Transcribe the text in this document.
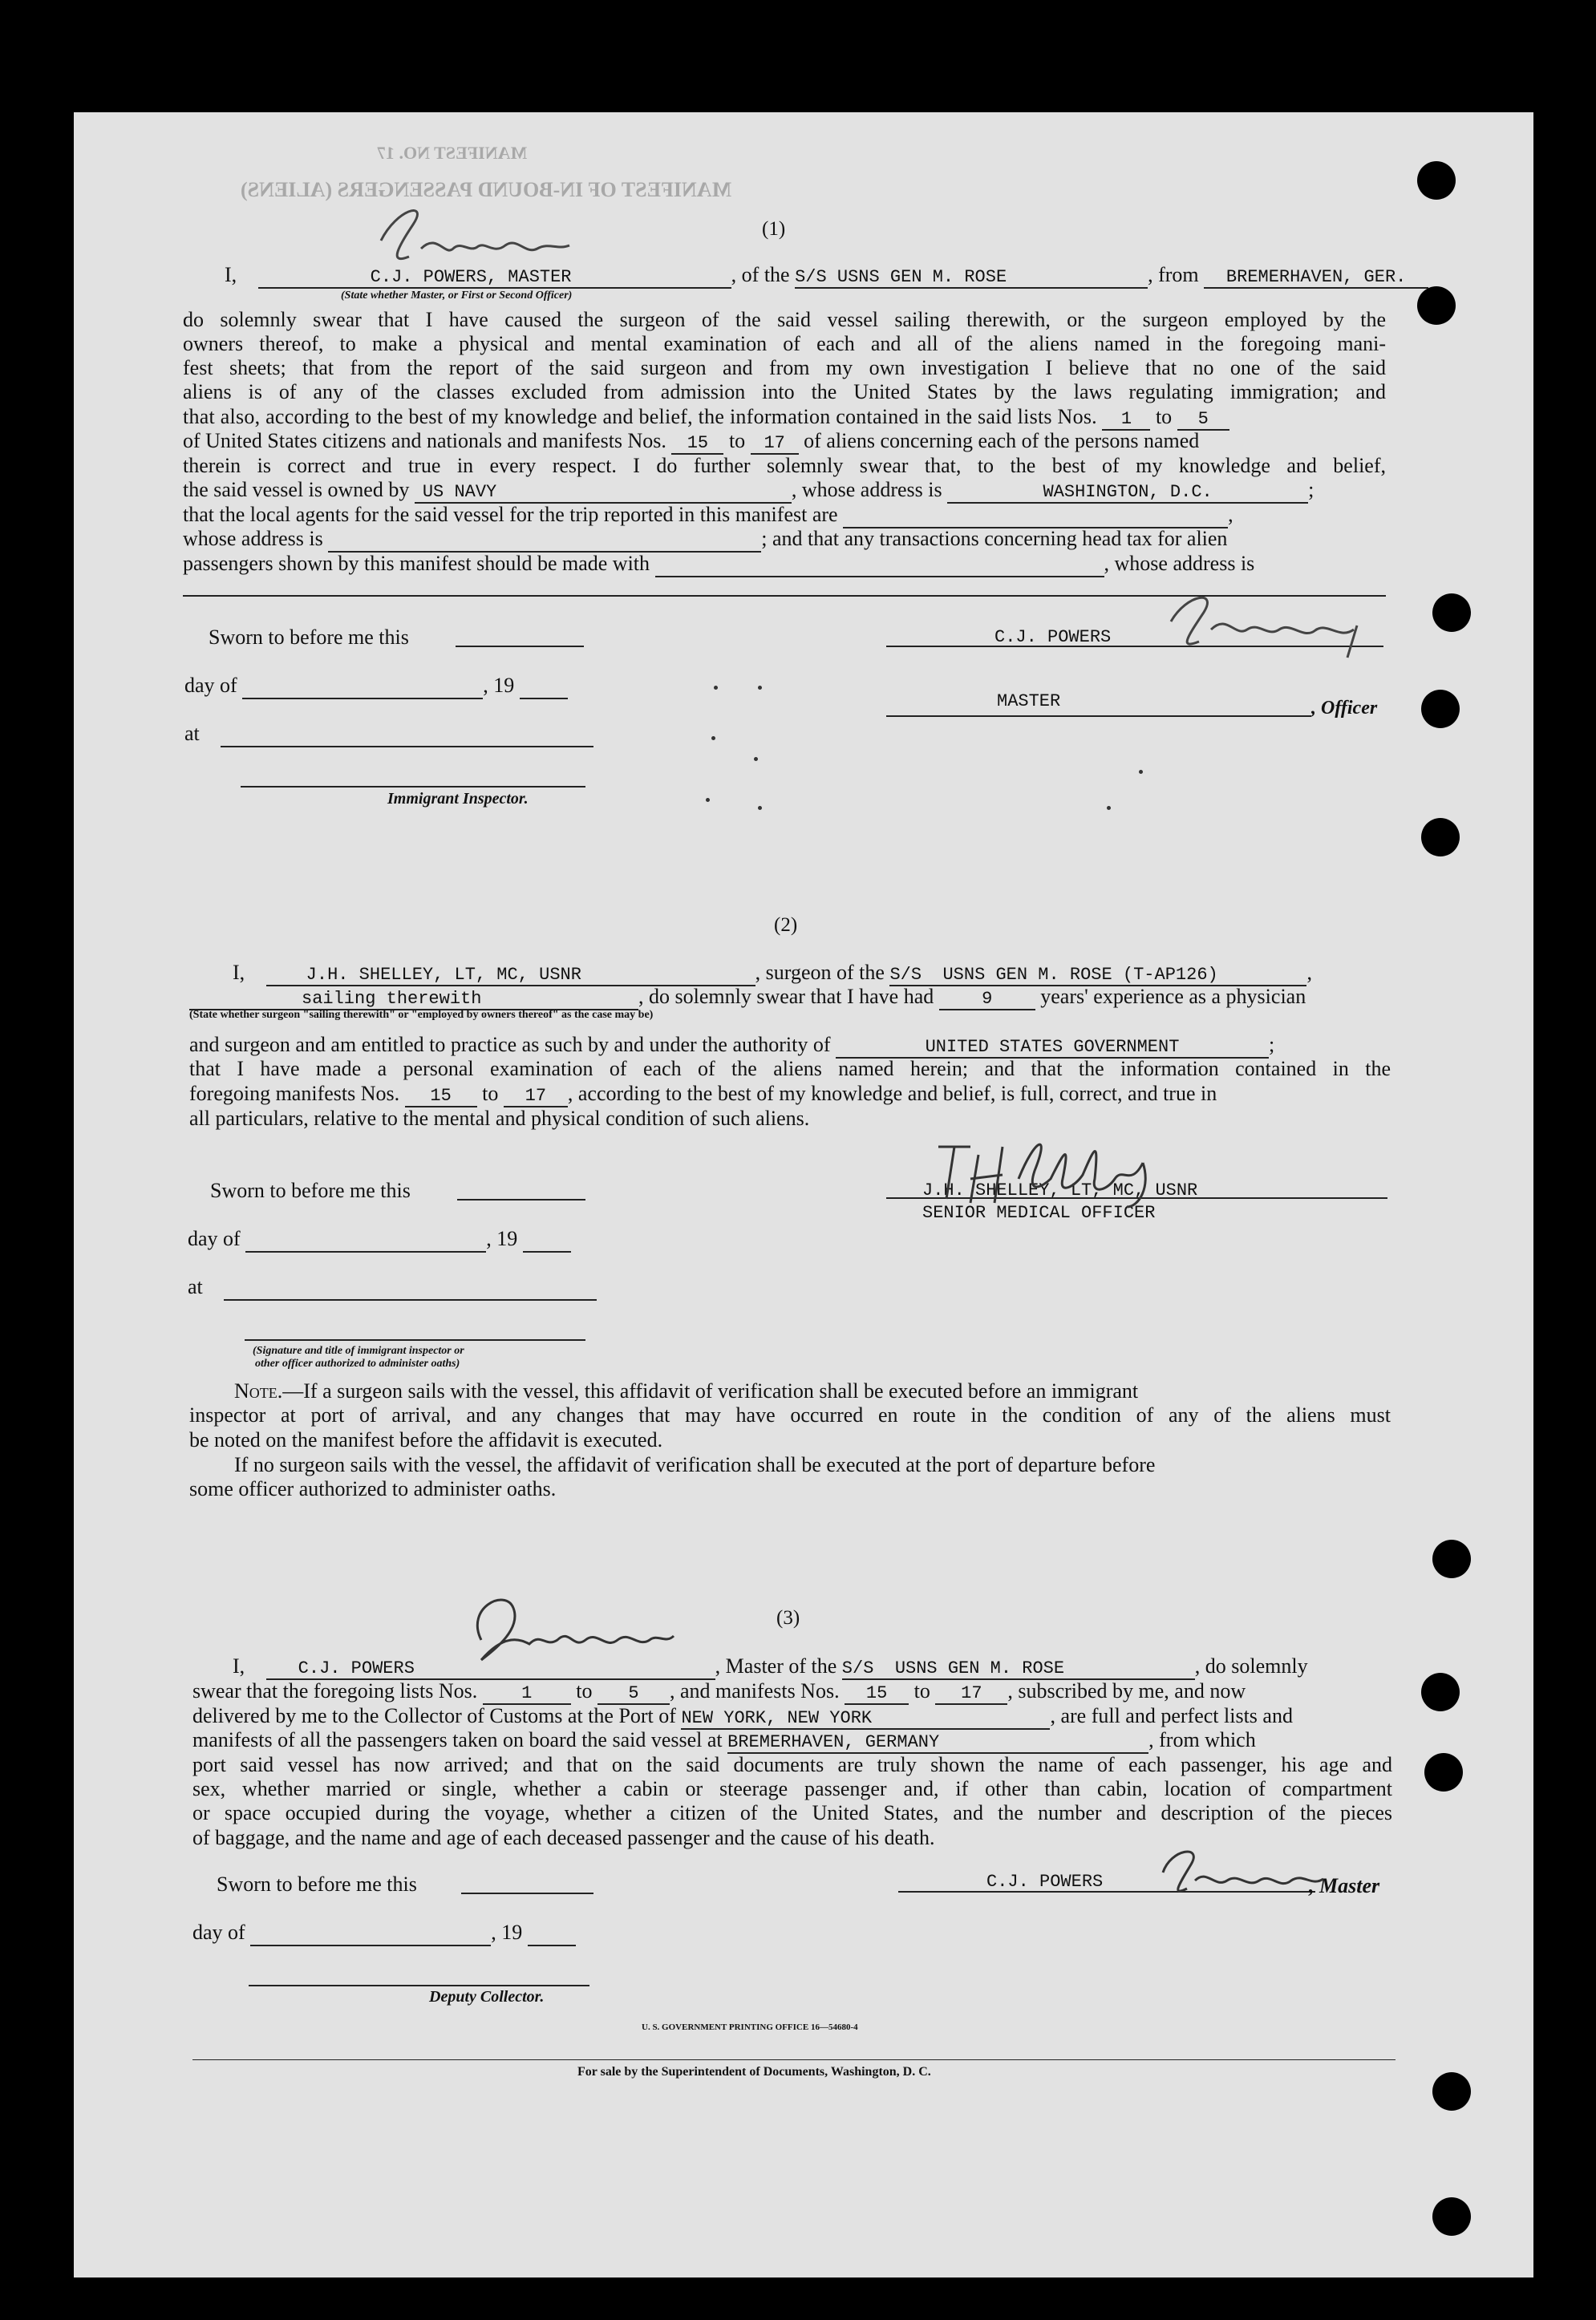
MANIFEST NO. 17
MANIFEST OF IN-BOUND PASSENGERS (ALIENS)
(1)
I,	C.J. POWERS, MASTER	, of the S/S USNS GEN M. ROSE	, from BREMERHAVEN, GER.
(State whether Master, or First or Second Officer)
do solemnly swear that I have caused the surgeon of the said vessel sailing therewith, or the surgeon employed by the
owners thereof, to make a physical and mental examination of each and all of the aliens named in the foregoing mani-
fest sheets; that from the report of the said surgeon and from my own investigation I believe that no one of the said
aliens is of any of the classes excluded from admission into the United States by the laws regulating immigration; and
that also, according to the best of my knowledge and belief, the information contained in the said lists Nos. 1 to 5
of United States citizens and nationals and manifests Nos. 15 to 17 of aliens concerning each of the persons named
therein is correct and true in every respect. I do further solemnly swear that, to the best of my knowledge and belief,
the said vessel is owned by US NAVY	, whose address is	WASHINGTON, D.C.	;
that the local agents for the said vessel for the trip reported in this manifest are	,
whose address is	; and that any transactions concerning head tax for alien
passengers shown by this manifest should be made with	, whose address is
Sworn to before me this
day of	, 19
at
Immigrant Inspector.
C.J. POWERS
MASTER	, Officer
(2)
I,	J.H. SHELLEY, LT, MC, USNR	, surgeon of the S/S USNS GEN M. ROSE (T-AP126)	,
sailing therewith	, do solemnly swear that I have had	9 years' experience as a physician
(State whether surgeon "sailing therewith" or "employed by owners thereof" as the case may be)
and surgeon and am entitled to practice as such by and under the authority of	UNITED STATES GOVERNMENT	;
that I have made a personal examination of each of the aliens named herein; and that the information contained in the
foregoing manifests Nos. 15 to 17 , according to the best of my knowledge and belief, is full, correct, and true in
all particulars, relative to the mental and physical condition of such aliens.
Sworn to before me this
day of	, 19
at
(Signature and title of immigrant inspector or
other officer authorized to administer oaths)
J.H. SHELLEY, LT, MC, USNR
SENIOR MEDICAL OFFICER
Note.—If a surgeon sails with the vessel, this affidavit of verification shall be executed before an immigrant
inspector at port of arrival, and any changes that may have occurred en route in the condition of any of the aliens must
be noted on the manifest before the affidavit is executed.
If no surgeon sails with the vessel, the affidavit of verification shall be executed at the port of departure before
some officer authorized to administer oaths.
(3)
I,	C.J. POWERS	, Master of the S/S USNS GEN M. ROSE	, do solemnly
swear that the foregoing lists Nos. 1 to 5 , and manifests Nos. 15 to 17 , subscribed by me, and now
delivered by me to the Collector of Customs at the Port of NEW YORK, NEW YORK	, are full and perfect lists and
manifests of all the passengers taken on board the said vessel at BREMERHAVEN, GERMANY	, from which
port said vessel has now arrived; and that on the said documents are truly shown the name of each passenger, his age and
sex, whether married or single, whether a cabin or steerage passenger and, if other than cabin, location of compartment
or space occupied during the voyage, whether a citizen of the United States, and the number and description of the pieces
of baggage, and the name and age of each deceased passenger and the cause of his death.
Sworn to before me this
day of	, 19
Deputy Collector.
C.J. POWERS	, Master
U. S. GOVERNMENT PRINTING OFFICE 16—54680-4
For sale by the Superintendent of Documents, Washington, D. C.
